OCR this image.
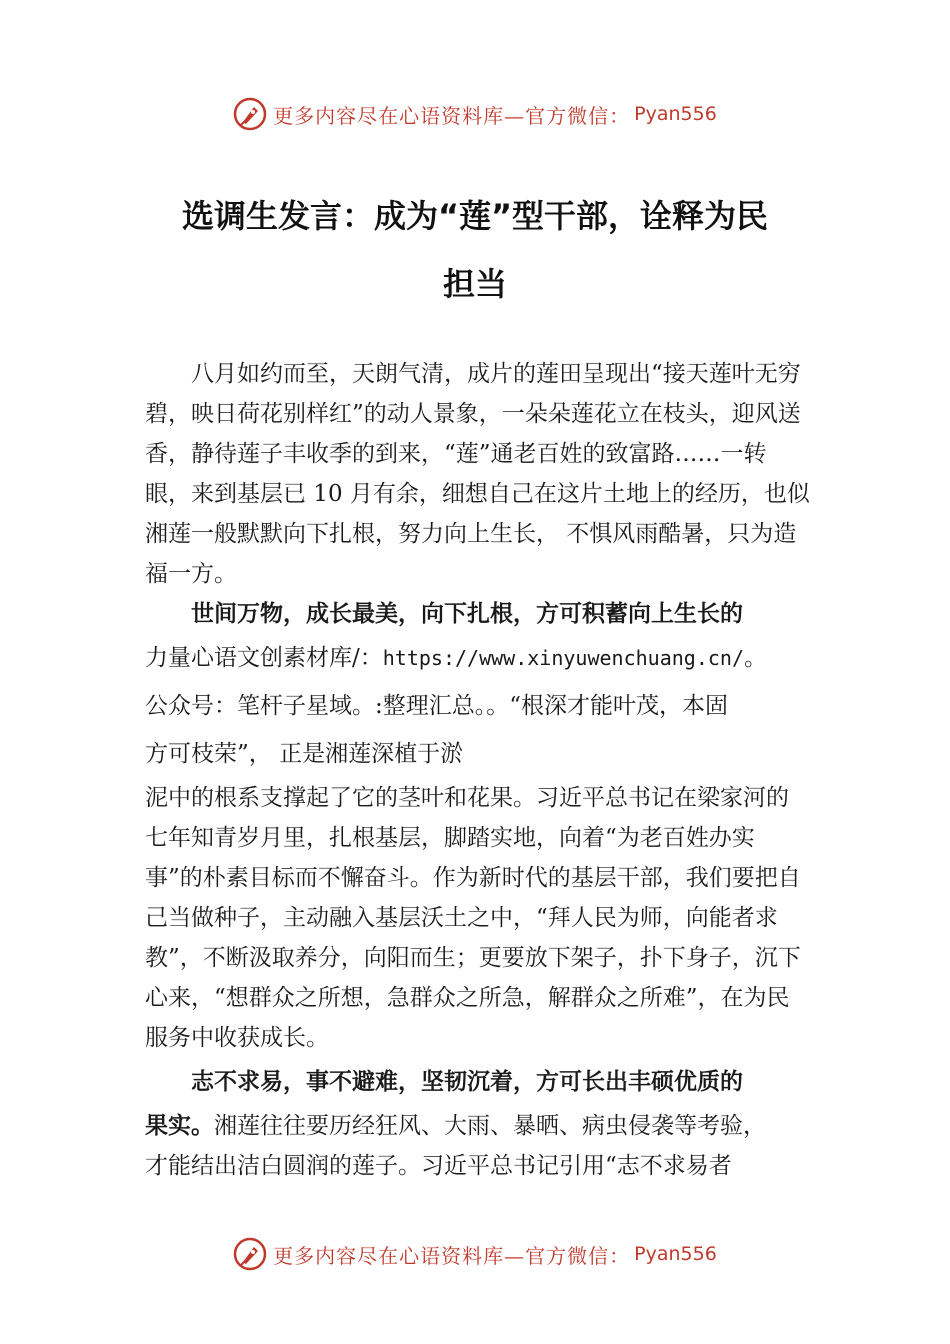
更多内容尽在心语资料库—官方微信： Pyan556
选调生发言：成为“莲”型干部，诠释为民
担当

八月如约而至，天朗气清，成片的莲田呈现出“接天莲叶无穷碧，映日荷花别样红”的动人景象，一朵朵莲花立在枝头，迎风送香，静待莲子丰收季的到来，“莲”通老百姓的致富路……一转眼，来到基层已 10 月有余，细想自己在这片土地上的经历，也似湘莲一般默默向下扎根，努力向上生长， 不惧风雨酷暑，只为造福一方。

世间万物，成长最美，向下扎根，方可积蓄向上生长的

力量心语文创素材库/：https://www.xinyuwenchuang.cn/。

公众号：笔杆子星域。:整理汇总。。“根深才能叶茂，本固

方可枝荣”， 正是湘莲深植于淤

泥中的根系支撑起了它的茎叶和花果。习近平总书记在梁家河的七年知青岁月里，扎根基层，脚踏实地，向着“为老百姓办实事”的朴素目标而不懈奋斗。作为新时代的基层干部，我们要把自己当做种子，主动融入基层沃土之中，“拜人民为师，向能者求教”，不断汲取养分，向阳而生；更要放下架子，扑下身子，沉下心来，“想群众之所想，急群众之所急，解群众之所难”，在为民服务中收获成长。

志不求易，事不避难，坚韧沉着，方可长出丰硕优质的

果实。湘莲往往要历经狂风、大雨、暴晒、病虫侵袭等考验，

才能结出洁白圆润的莲子。习近平总书记引用“志不求易者

更多内容尽在心语资料库—官方微信： Pyan556
